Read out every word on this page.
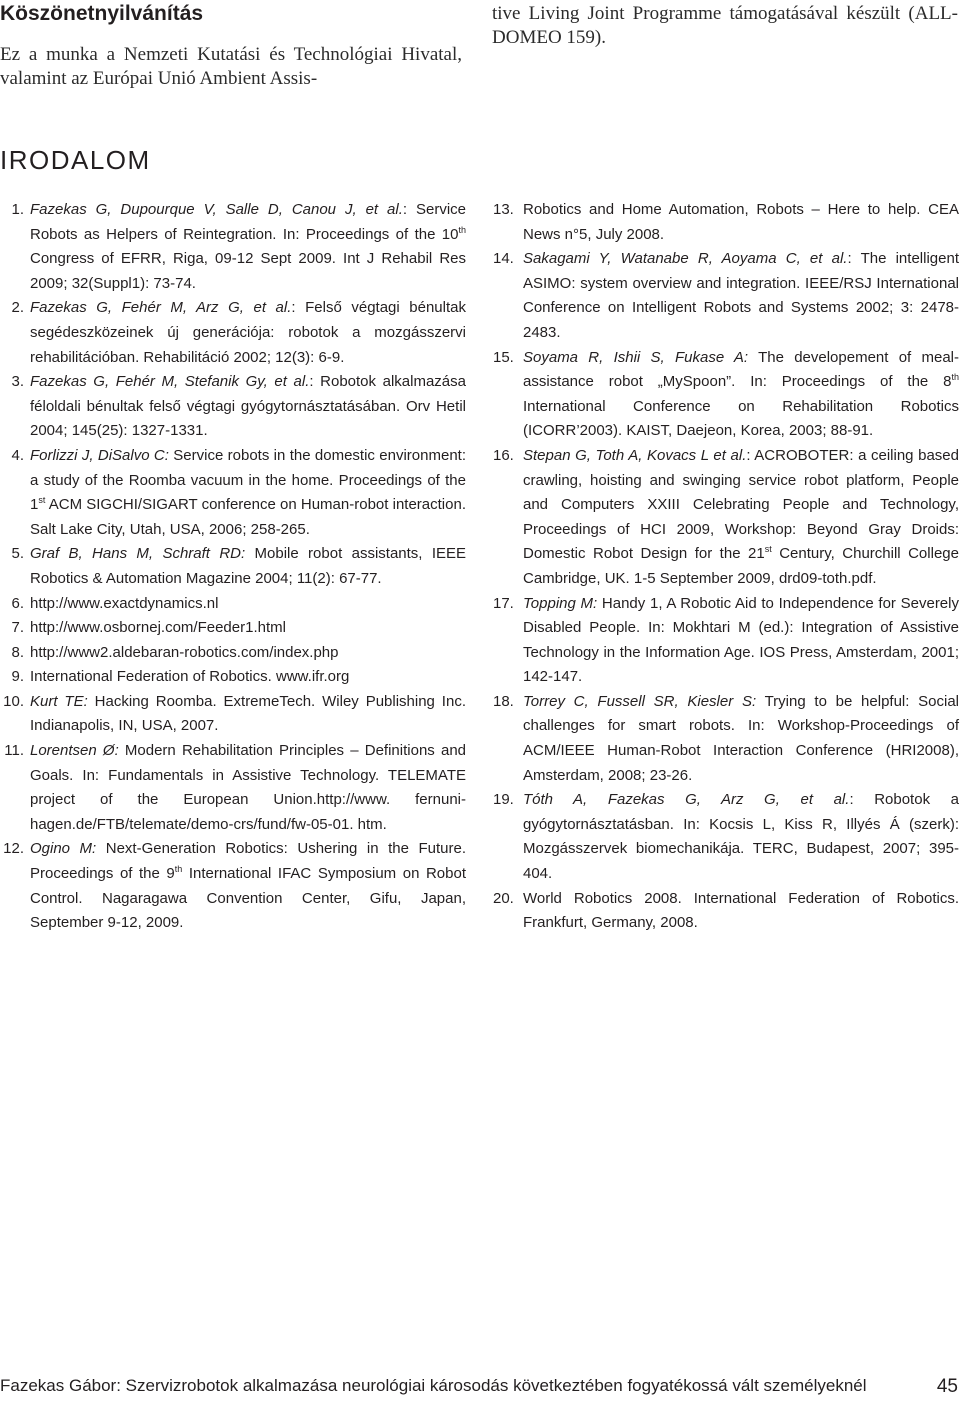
Köszönetnyilvánítás
Ez a munka a Nemzeti Kutatási és Technológiai Hivatal, valamint az Európai Unió Ambient Assis-
tive Living Joint Programme támogatásával készült (ALL-DOMEO 159).
IRODALOM
1. Fazekas G, Dupourque V, Salle D, Canou J, et al.: Service Robots as Helpers of Reintegration. In: Proceedings of the 10th Congress of EFRR, Riga, 09-12 Sept 2009. Int J Rehabil Res 2009; 32(Suppl1): 73-74.
2. Fazekas G, Fehér M, Arz G, et al.: Felső végtagi bénultak segédeszközeinek új generációja: robotok a mozgásszervi rehabilitációban. Rehabilitáció 2002; 12(3): 6-9.
3. Fazekas G, Fehér M, Stefanik Gy, et al.: Robotok alkalmazása féloldali bénultak felső végtagi gyógytornásztatásában. Orv Hetil 2004; 145(25): 1327-1331.
4. Forlizzi J, DiSalvo C: Service robots in the domestic environment: a study of the Roomba vacuum in the home. Proceedings of the 1st ACM SIGCHI/SIGART conference on Human-robot interaction. Salt Lake City, Utah, USA, 2006; 258-265.
5. Graf B, Hans M, Schraft RD: Mobile robot assistants, IEEE Robotics & Automation Magazine 2004; 11(2): 67-77.
6. http://www.exactdynamics.nl
7. http://www.osbornej.com/Feeder1.html
8. http://www2.aldebaran-robotics.com/index.php
9. International Federation of Robotics. www.ifr.org
10. Kurt TE: Hacking Roomba. ExtremeTech. Wiley Publishing Inc. Indianapolis, IN, USA, 2007.
11. Lorentsen Ø: Modern Rehabilitation Principles – Definitions and Goals. In: Fundamentals in Assistive Technology. TELEMATE project of the European Union.http://www. fernuni-hagen.de/FTB/telemate/demo-crs/fund/fw-05-01. htm.
12. Ogino M: Next-Generation Robotics: Ushering in the Future. Proceedings of the 9th International IFAC Symposium on Robot Control. Nagaragawa Convention Center, Gifu, Japan, September 9-12, 2009.
13. Robotics and Home Automation, Robots – Here to help. CEA News n°5, July 2008.
14. Sakagami Y, Watanabe R, Aoyama C, et al.: The intelligent ASIMO: system overview and integration. IEEE/RSJ International Conference on Intelligent Robots and Systems 2002; 3: 2478-2483.
15. Soyama R, Ishii S, Fukase A: The developement of meal-assistance robot „MySpoon”. In: Proceedings of the 8th International Conference on Rehabilitation Robotics (ICORR’2003). KAIST, Daejeon, Korea, 2003; 88-91.
16. Stepan G, Toth A, Kovacs L et al.: ACROBOTER: a ceiling based crawling, hoisting and swinging service robot platform, People and Computers XXIII Celebrating People and Technology, Proceedings of HCI 2009, Workshop: Beyond Gray Droids: Domestic Robot Design for the 21st Century, Churchill College Cambridge, UK. 1-5 September 2009, drd09-toth.pdf.
17. Topping M: Handy 1, A Robotic Aid to Independence for Severely Disabled People. In: Mokhtari M (ed.): Integration of Assistive Technology in the Information Age. IOS Press, Amsterdam, 2001; 142-147.
18. Torrey C, Fussell SR, Kiesler S: Trying to be helpful: Social challenges for smart robots. In: Workshop-Proceedings of ACM/IEEE Human-Robot Interaction Conference (HRI2008), Amsterdam, 2008; 23-26.
19. Tóth A, Fazekas G, Arz G, et al.: Robotok a gyógytornásztatásban. In: Kocsis L, Kiss R, Illyés Á (szerk): Mozgásszervek biomechanikája. TERC, Budapest, 2007; 395-404.
20. World Robotics 2008. International Federation of Robotics. Frankfurt, Germany, 2008.
Fazekas Gábor: Szervizrobotok alkalmazása neurológiai károsodás következtében fogyatékossá vált személyeknél	45
